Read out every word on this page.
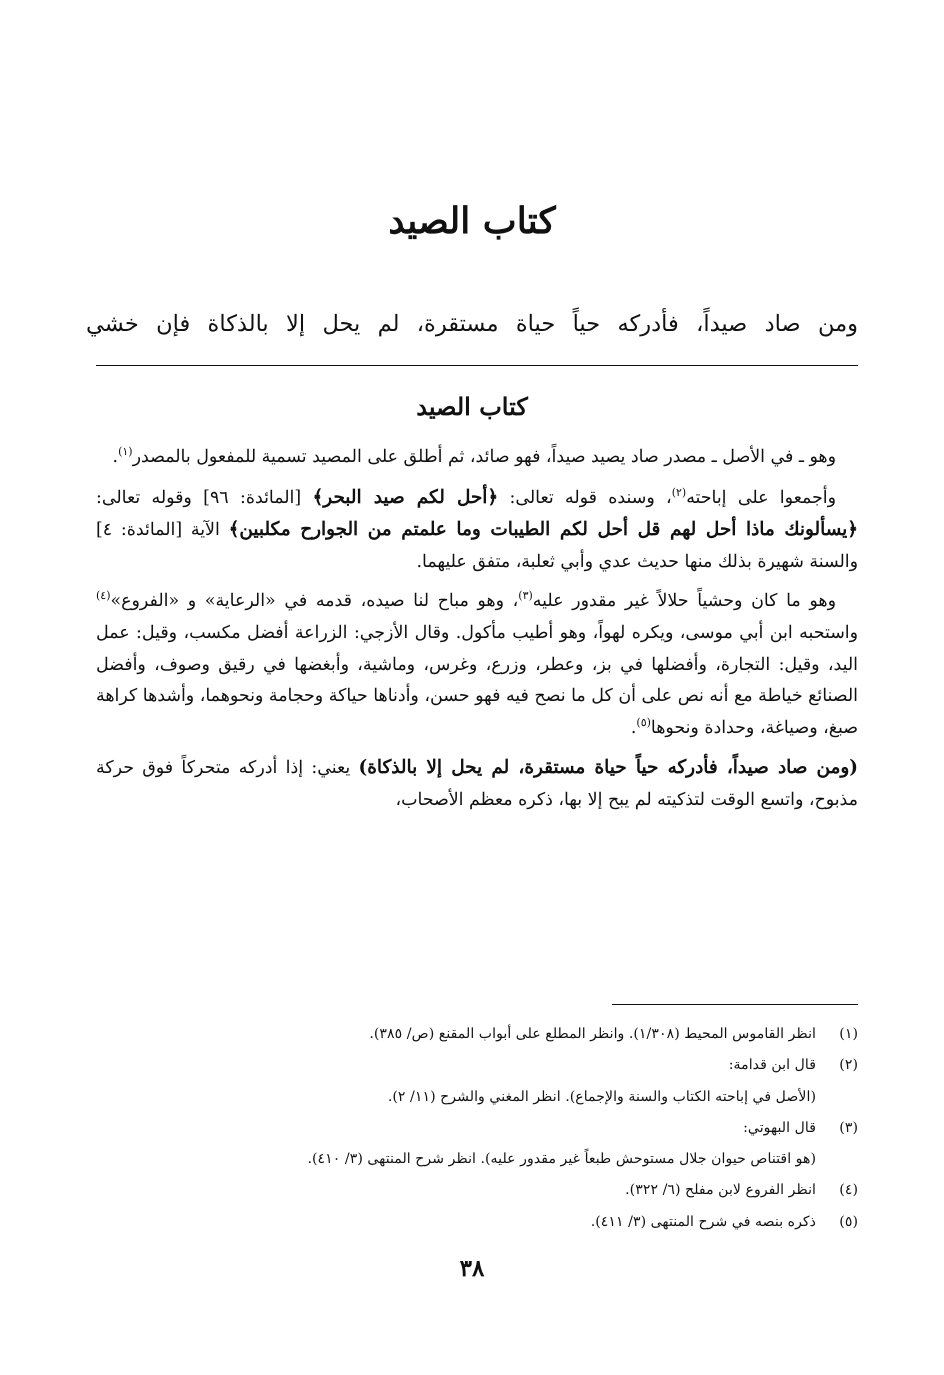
كتاب الصيد

ومن صاد صيداً، فأدركه حياً حياة مستقرة، لم يحل إلا بالذكاة فإن خشي

كتاب الصيد

وهو ـ في الأصل ـ مصدر صاد يصيد صيداً، فهو صائد، ثم أطلق على المصيد تسمية للمفعول بالمصدر$^{(١)}$.

وأجمعوا على إباحته$^{(٢)}$، وسنده قوله تعالى: ﴿أحل لكم صيد البحر﴾ [المائدة: ٩٦] وقوله تعالى: ﴿يسألونك ماذا أحل لهم قل أحل لكم الطيبات وما علمتم من الجوارح مكلبين﴾ الآية [المائدة: ٤] والسنة شهيرة بذلك منها حديث عدي وأبي ثعلبة، متفق عليهما.

وهو ما كان وحشياً حلالاً غير مقدور عليه$^{(٣)}$، وهو مباح لنا صيده، قدمه في «الرعاية» و «الفروع»$^{(٤)}$ واستحبه ابن أبي موسى، ويكره لهواً، وهو أطيب مأكول. وقال الأزجي: الزراعة أفضل مكسب، وقيل: عمل اليد، وقيل: التجارة، وأفضلها في بز، وعطر، وزرع، وغرس، وماشية، وأبغضها في رقيق وصوف، وأفضل الصنائع خياطة مع أنه نص على أن كل ما نصح فيه فهو حسن، وأدناها حياكة وحجامة ونحوهما، وأشدها كراهة صبغ، وصياغة، وحدادة ونحوها$^{(٥)}$.

(ومن صاد صيداً، فأدركه حياً حياة مستقرة، لم يحل إلا بالذكاة) يعني: إذا أدركه متحركاً فوق حركة مذبوح، واتسع الوقت لتذكيته لم يبح إلا بها، ذكره معظم الأصحاب،

(١)
انظر القاموس المحيط (١/٣٠٨). وانظر المطلع على أبواب المقنع (ص/ ٣٨٥).
(٢)
قال ابن قدامة:
(الأصل في إباحته الكتاب والسنة والإجماع). انظر المغني والشرح (١١/ ٢).
(٣)
قال البهوتي:
(هو اقتناص حيوان جلال مستوحش طبعاً غير مقدور عليه). انظر شرح المنتهى (٣/ ٤١٠).
(٤)
انظر الفروع لابن مفلح (٦/ ٣٢٢).
(٥)
ذكره بنصه في شرح المنتهى (٣/ ٤١١).
٣٨
